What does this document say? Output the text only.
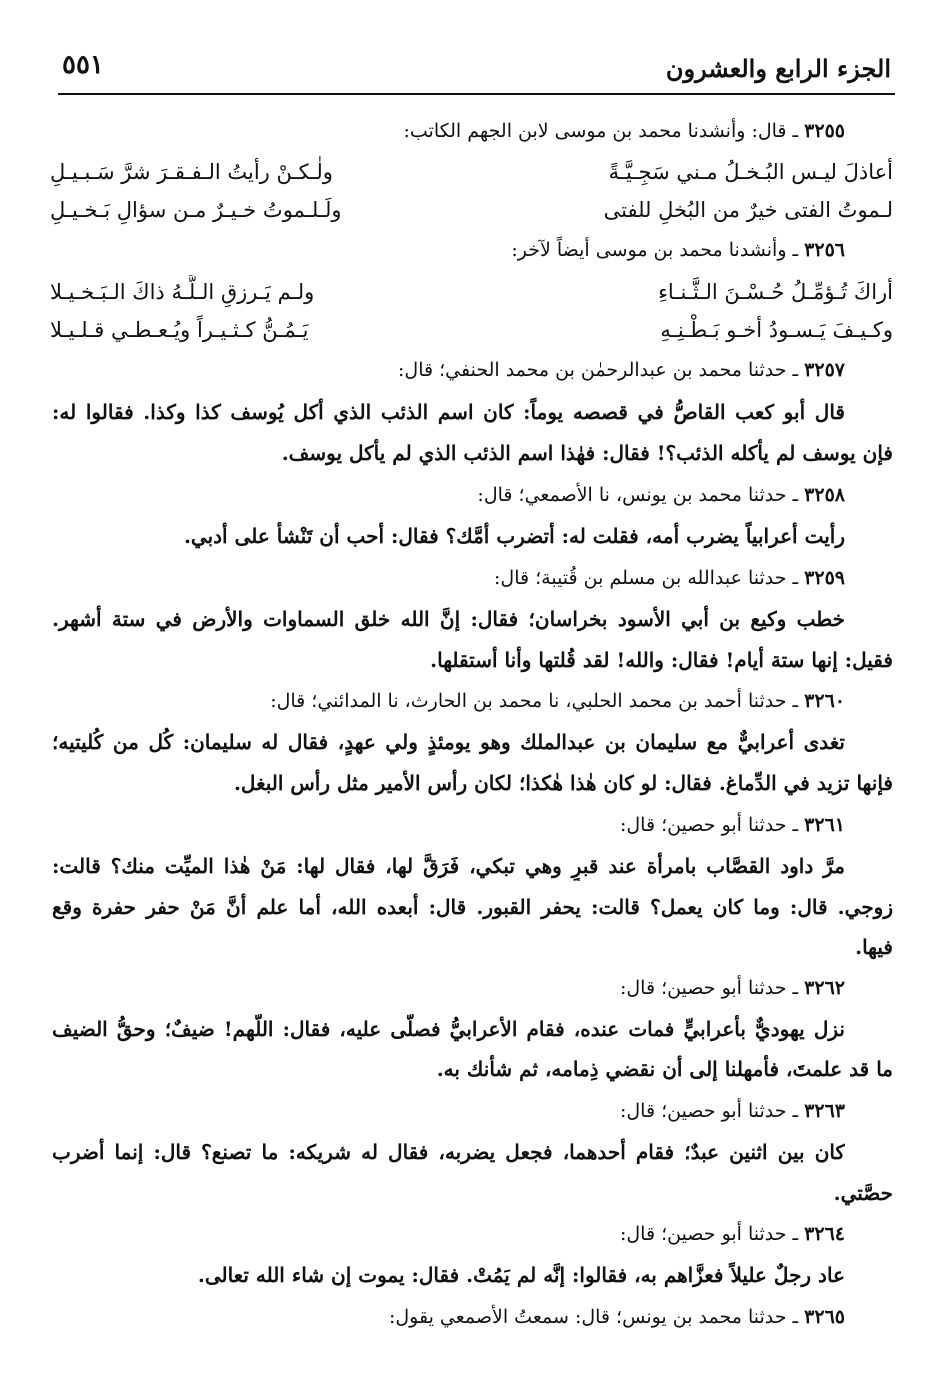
الجزء الرابع والعشرون
٥٥١
٣٢٥٥ ـ قال: وأنشدنا محمد بن موسى لابن الجهم الكاتب:
أعاذلَ ليـس البُـخـلُ مـني سَجِـيَّـةً
ولٰـكـنْ رأيتُ الـفـقـرَ شرَّ سَـبـيـلِ
لـموتُ الفتى خيرٌ من البُخلِ للفتى
ولَـلـموتُ خـيـرٌ مـن سؤالِ بَـخـيـلِ
٣٢٥٦ ـ وأنشدنا محمد بن موسى أيضاً لآخر:
أراكَ تُـؤمِّـلُ حُـسْـنَ الـثَّـنـاءِ
ولـم يَـرزقِ الـلَّـهُ ذاكَ الـبَـخـيـلا
وكـيـفَ يَـسـودُ أخـو بَـطْـنِـهِ
يَـمُـنُّ كـثـيـراً ويُـعـطـي قـلـيـلا
٣٢٥٧ ـ حدثنا محمد بن عبدالرحمٰن بن محمد الحنفي؛ قال:
قال أبو كعب القاصُّ في قصصه يوماً: كان اسم الذئب الذي أكل يُوسف كذا وكذا. فقالوا له:
فإن يوسف لم يأكله الذئب؟! فقال: فهٰذا اسم الذئب الذي لم يأكل يوسف.
٣٢٥٨ ـ حدثنا محمد بن يونس، نا الأصمعي؛ قال:
رأيت أعرابياً يضرب أمه، فقلت له: أتضرب أمَّك؟ فقال: أحب أن تَنْشأ على أدبي.
٣٢٥٩ ـ حدثنا عبدالله بن مسلم بن قُتيبة؛ قال:
خطب وكيع بن أبي الأسود بخراسان؛ فقال: إنَّ الله خلق السماوات والأرض في ستة أشهر.
فقيل: إنها ستة أيام! فقال: والله! لقد قُلتها وأنا أستقلها.
٣٢٦٠ ـ حدثنا أحمد بن محمد الحلبي، نا محمد بن الحارث، نا المدائني؛ قال:
تغدى أعرابيٌّ مع سليمان بن عبدالملك وهو يومئذٍ ولي عهدٍ، فقال له سليمان: كُل من كُليتيه؛
فإنها تزيد في الدِّماغ. فقال: لو كان هٰذا هٰكذا؛ لكان رأس الأمير مثل رأس البغل.
٣٢٦١ ـ حدثنا أبو حصين؛ قال:
مرَّ داود القصَّاب بامرأة عند قبرٍ وهي تبكي، فَرَقَّ لها، فقال لها: مَنْ هٰذا الميِّت منك؟ قالت:
زوجي. قال: وما كان يعمل؟ قالت: يحفر القبور. قال: أبعده الله، أما علم أنَّ مَنْ حفر حفرة وقع
فيها.
٣٢٦٢ ـ حدثنا أبو حصين؛ قال:
نزل يهوديٌّ بأعرابيٍّ فمات عنده، فقام الأعرابيُّ فصلَّى عليه، فقال: اللّهم! ضيفٌ؛ وحقُّ الضيف
ما قد علمتَ، فأمهلنا إلى أن نقضي ذِمامه، ثم شأنك به.
٣٢٦٣ ـ حدثنا أبو حصين؛ قال:
كان بين اثنين عبدٌ؛ فقام أحدهما، فجعل يضربه، فقال له شريكه: ما تصنع؟ قال: إنما أضرب
حصَّتي.
٣٢٦٤ ـ حدثنا أبو حصين؛ قال:
عاد رجلٌ عليلاً فعزَّاهم به، فقالوا: إنَّه لم يَمُتْ. فقال: يموت إن شاء الله تعالى.
٣٢٦٥ ـ حدثنا محمد بن يونس؛ قال: سمعتُ الأصمعي يقول:
